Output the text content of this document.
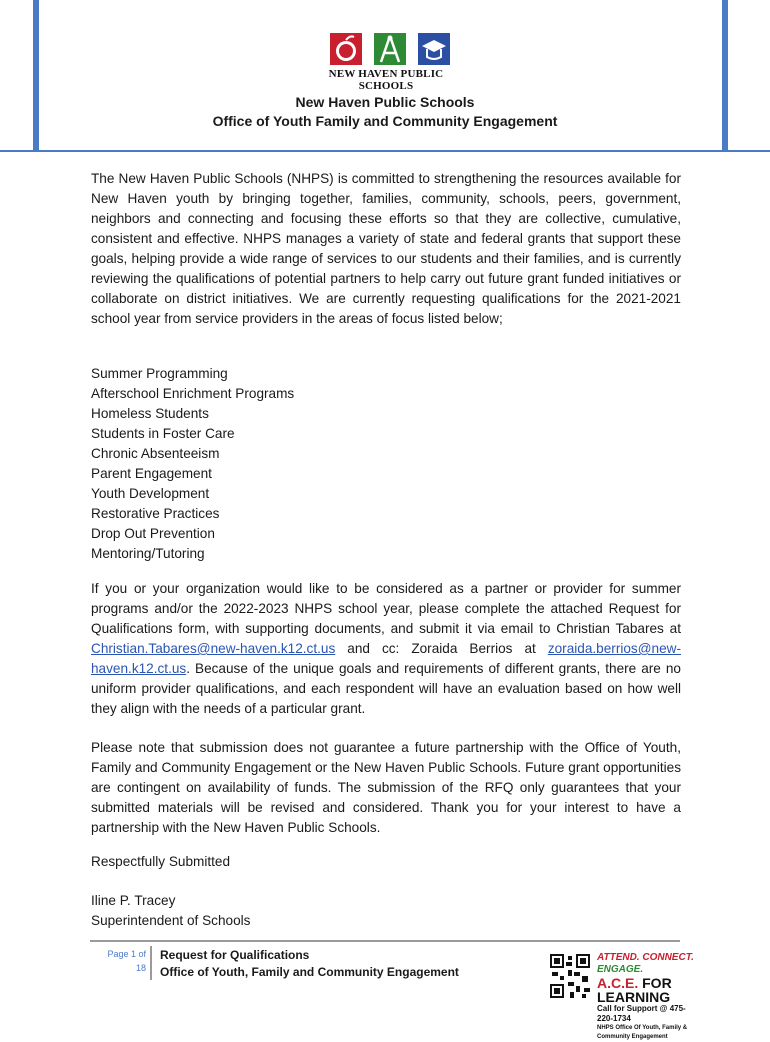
NEW HAVEN PUBLIC SCHOOLS
New Haven Public Schools
Office of Youth Family and Community Engagement
The New Haven Public Schools (NHPS) is committed to strengthening the resources available for New Haven youth by bringing together, families, community, schools, peers, government, neighbors and connecting and focusing these efforts so that they are collective, cumulative, consistent and effective. NHPS manages a variety of state and federal grants that support these goals, helping provide a wide range of services to our students and their families, and is currently reviewing the qualifications of potential partners to help carry out future grant funded initiatives or collaborate on district initiatives. We are currently requesting qualifications for the 2021-2021 school year from service providers in the areas of focus listed below;
Summer Programming
Afterschool Enrichment Programs
Homeless Students
Students in Foster Care
Chronic Absenteeism
Parent Engagement
Youth Development
Restorative Practices
Drop Out Prevention
Mentoring/Tutoring
If you or your organization would like to be considered as a partner or provider for summer programs and/or the 2022-2023 NHPS school year, please complete the attached Request for Qualifications form, with supporting documents, and submit it via email to Christian Tabares at Christian.Tabares@new-haven.k12.ct.us and cc: Zoraida Berrios at zoraida.berrios@new-haven.k12.ct.us. Because of the unique goals and requirements of different grants, there are no uniform provider qualifications, and each respondent will have an evaluation based on how well they align with the needs of a particular grant.
Please note that submission does not guarantee a future partnership with the Office of Youth, Family and Community Engagement or the New Haven Public Schools. Future grant opportunities are contingent on availability of funds. The submission of the RFQ only guarantees that your submitted materials will be revised and considered. Thank you for your interest to have a partnership with the New Haven Public Schools.
Respectfully Submitted
Iline P. Tracey
Superintendent of Schools
Page 1 of
18
Request for Qualifications
Office of Youth, Family and Community Engagement
ATTEND. CONNECT. ENGAGE.
A.C.E. FOR LEARNING
Call for Support @ 475-220-1734
NHPS Office Of Youth, Family & Community Engagement
